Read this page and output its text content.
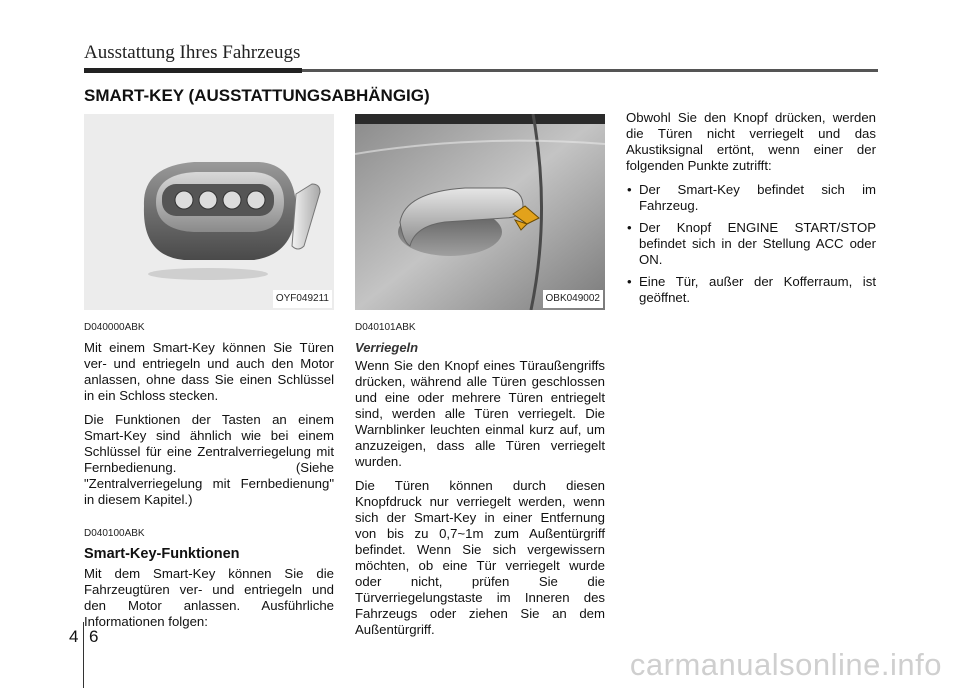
Ausstattung Ihres Fahrzeugs
SMART-KEY (AUSSTATTUNGSABHÄNGIG)
OYF049211
D040000ABK

Mit einem Smart-Key können Sie Türen ver- und entriegeln und auch den Motor anlassen, ohne dass Sie einen Schlüssel in ein Schloss stecken.

Die Funktionen der Tasten an einem Smart-Key sind ähnlich wie bei einem Schlüssel für eine Zentralverriegelung mit Fernbedienung. (Siehe "Zentralverriegelung mit Fernbedienung" in diesem Kapitel.)

D040100ABK
Smart-Key-Funktionen

Mit dem Smart-Key können Sie die Fahrzeugtüren ver- und entriegeln und den Motor anlassen. Ausführliche Informationen folgen:

OBK049002
D040101ABK
Verriegeln

Wenn Sie den Knopf eines Türaußengriffs drücken, während alle Türen geschlossen und eine oder mehrere Türen entriegelt sind, werden alle Türen verriegelt. Die Warnblinker leuchten einmal kurz auf, um anzuzeigen, dass alle Türen verriegelt wurden.

Die Türen können durch diesen Knopfdruck nur verriegelt werden, wenn sich der Smart-Key in einer Entfernung von bis zu 0,7~1m zum Außentürgriff befindet. Wenn Sie sich vergewissern möchten, ob eine Tür verriegelt wurde oder nicht, prüfen Sie die Türverriegelungstaste im Inneren des Fahrzeugs oder ziehen Sie an dem Außentürgriff.

Obwohl Sie den Knopf drücken, werden die Türen nicht verriegelt und das Akustiksignal ertönt, wenn einer der folgenden Punkte zutrifft:

• Der Smart-Key befindet sich im Fahrzeug.
• Der Knopf ENGINE START/STOP befindet sich in der Stellung ACC oder ON.
• Eine Tür, außer der Kofferraum, ist geöffnet.
4 6
carmanualsonline.info
